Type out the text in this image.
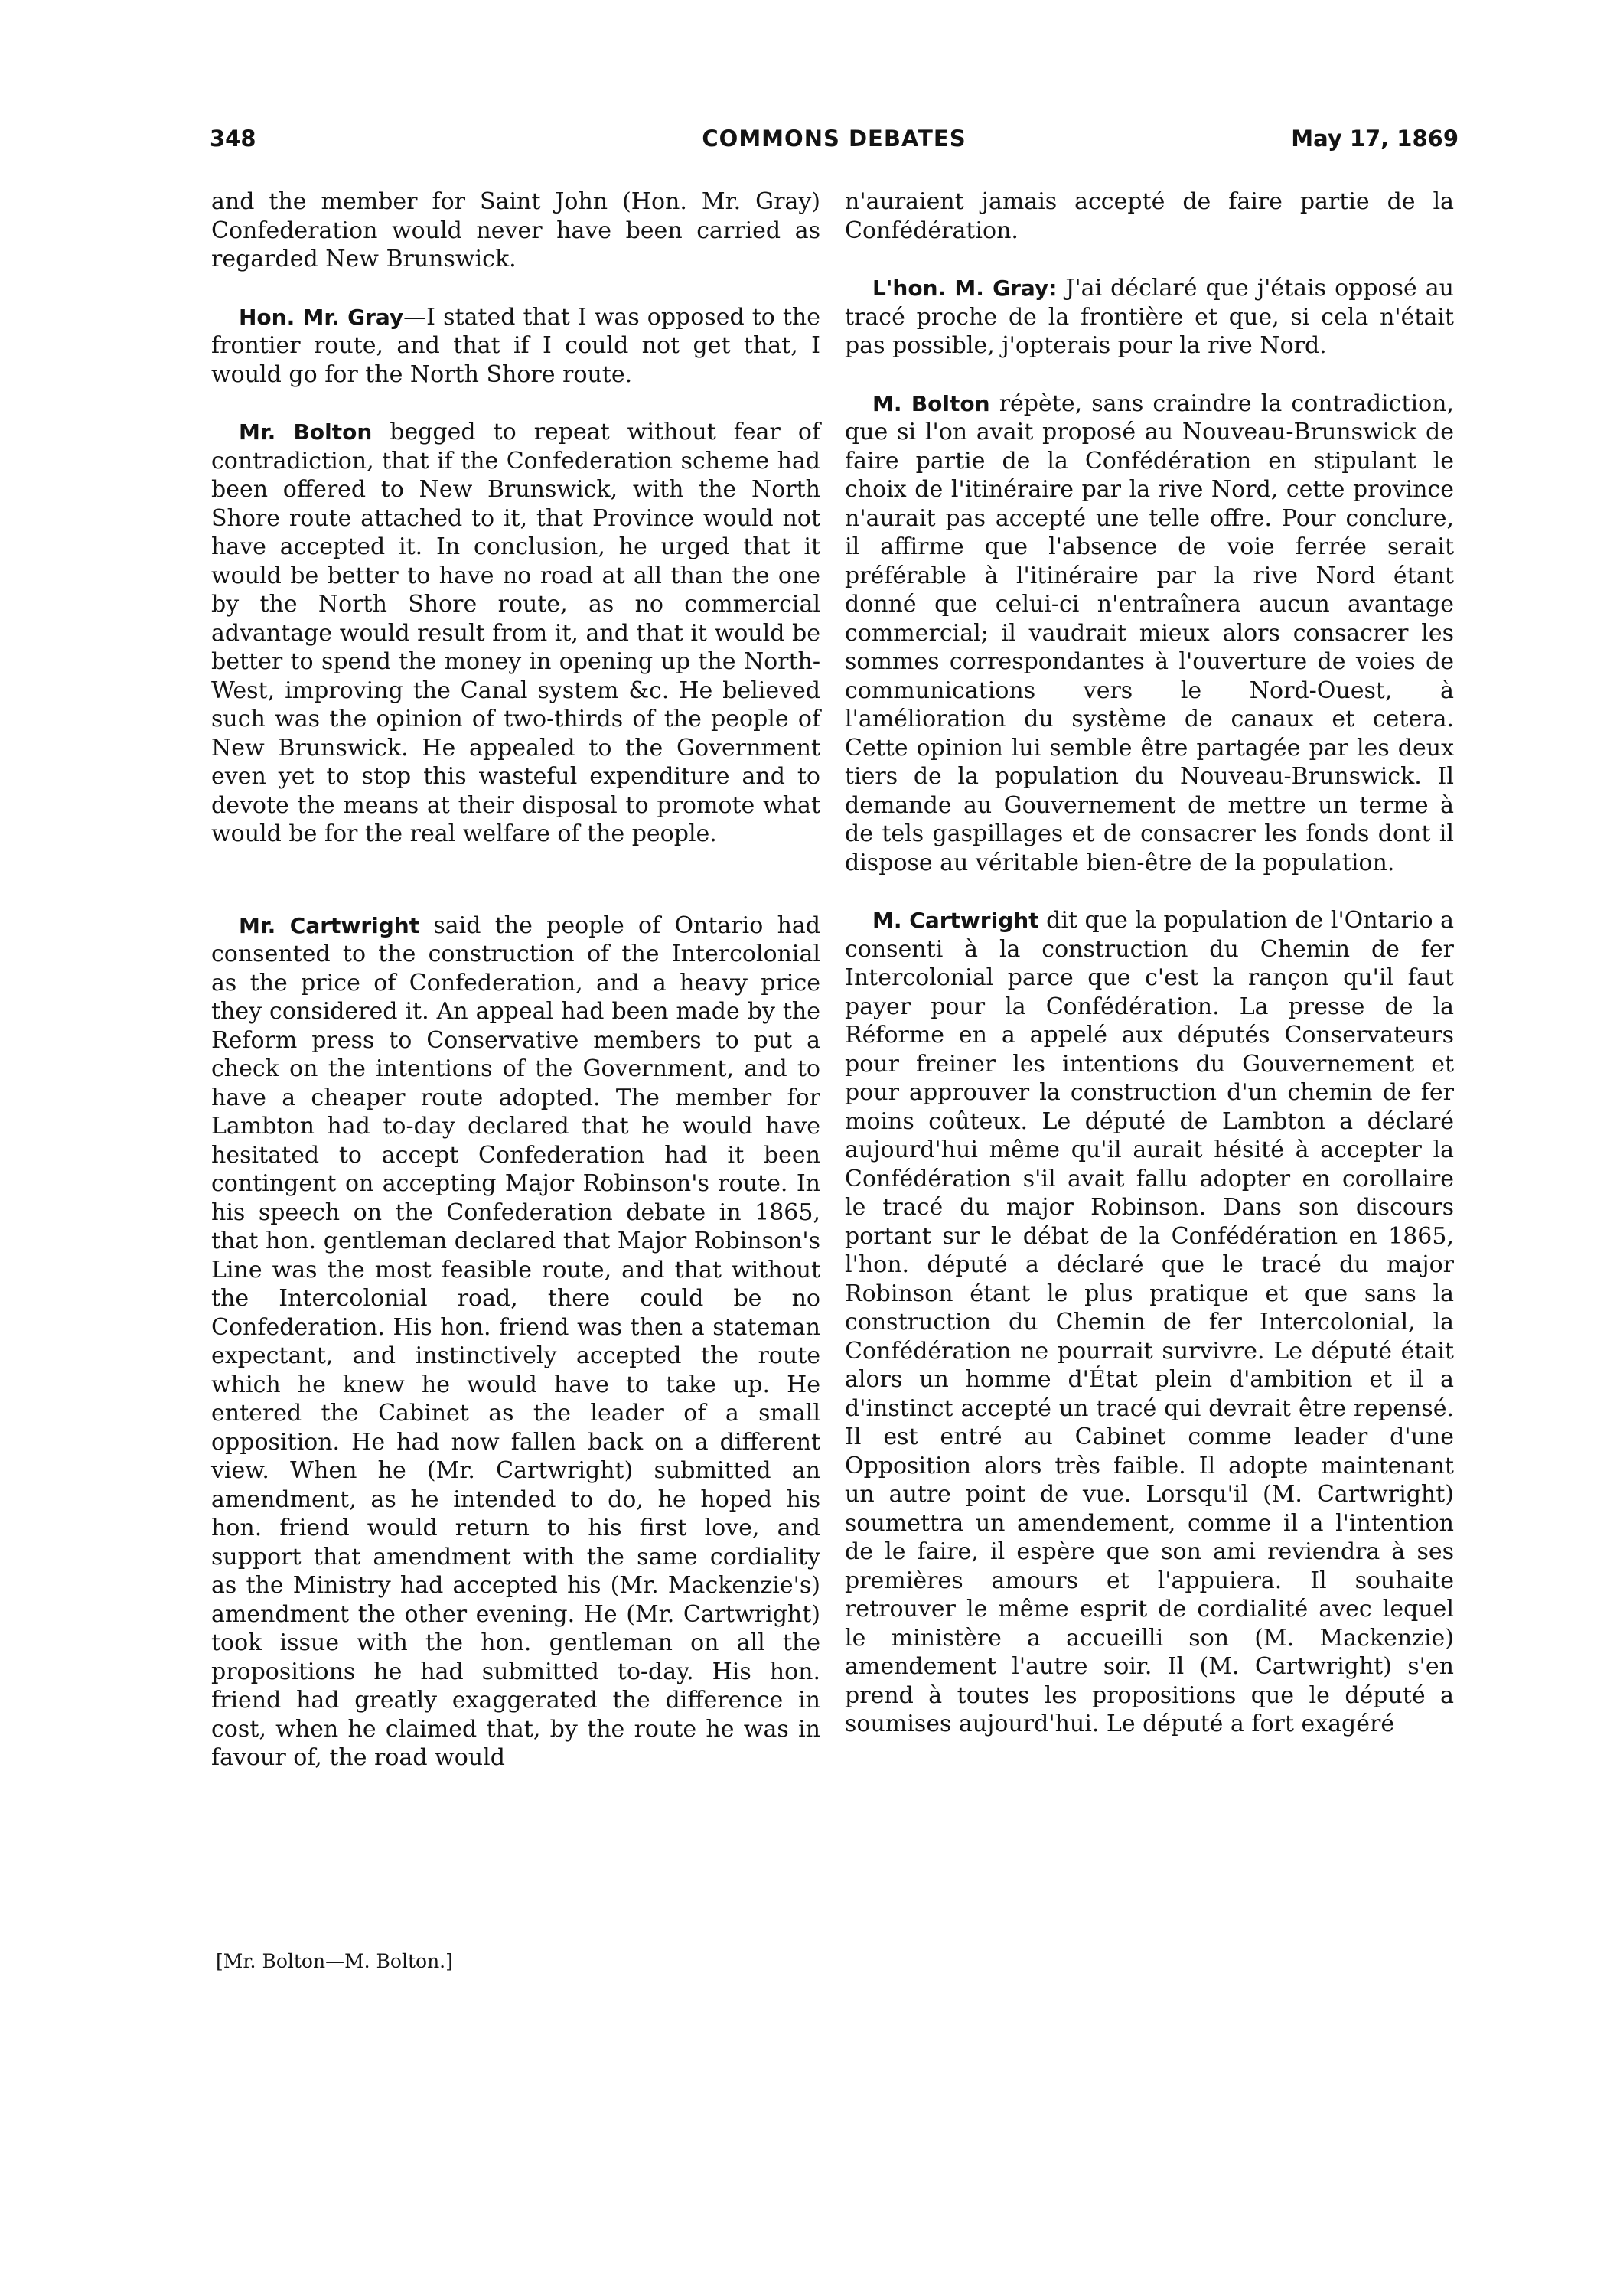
348	COMMONS DEBATES	May 17, 1869

and the member for Saint John (Hon. Mr. Gray) Confederation would never have been carried as regarded New Brunswick.

Hon. Mr. Gray—I stated that I was opposed to the frontier route, and that if I could not get that, I would go for the North Shore route.

Mr. Bolton begged to repeat without fear of contradiction, that if the Confederation scheme had been offered to New Brunswick, with the North Shore route attached to it, that Province would not have accepted it. In conclusion, he urged that it would be better to have no road at all than the one by the North Shore route, as no commercial advantage would result from it, and that it would be better to spend the money in opening up the North-West, improving the Canal system &c. He believed such was the opinion of two-thirds of the people of New Brunswick. He appealed to the Government even yet to stop this wasteful expenditure and to devote the means at their disposal to promote what would be for the real welfare of the people.

Mr. Cartwright said the people of Ontario had consented to the construction of the Intercolonial as the price of Confederation, and a heavy price they considered it. An appeal had been made by the Reform press to Conservative members to put a check on the intentions of the Government, and to have a cheaper route adopted. The member for Lambton had to-day declared that he would have hesitated to accept Confederation had it been contingent on accepting Major Robinson's route. In his speech on the Confederation debate in 1865, that hon. gentleman declared that Major Robinson's Line was the most feasible route, and that without the Intercolonial road, there could be no Confederation. His hon. friend was then a stateman expectant, and instinctively accepted the route which he knew he would have to take up. He entered the Cabinet as the leader of a small opposition. He had now fallen back on a different view. When he (Mr. Cartwright) submitted an amendment, as he intended to do, he hoped his hon. friend would return to his first love, and support that amendment with the same cordiality as the Ministry had accepted his (Mr. Mackenzie's) amendment the other evening. He (Mr. Cartwright) took issue with the hon. gentleman on all the propositions he had submitted to-day. His hon. friend had greatly exaggerated the difference in cost, when he claimed that, by the route he was in favour of, the road would

n'auraient jamais accepté de faire partie de la Confédération.

L'hon. M. Gray: J'ai déclaré que j'étais opposé au tracé proche de la frontière et que, si cela n'était pas possible, j'opterais pour la rive Nord.

M. Bolton répète, sans craindre la contradiction, que si l'on avait proposé au Nouveau-Brunswick de faire partie de la Confédération en stipulant le choix de l'itinéraire par la rive Nord, cette province n'aurait pas accepté une telle offre. Pour conclure, il affirme que l'absence de voie ferrée serait préférable à l'itinéraire par la rive Nord étant donné que celui-ci n'entraînera aucun avantage commercial; il vaudrait mieux alors consacrer les sommes correspondantes à l'ouverture de voies de communications vers le Nord-Ouest, à l'amélioration du système de canaux et cetera. Cette opinion lui semble être partagée par les deux tiers de la population du Nouveau-Brunswick. Il demande au Gouvernement de mettre un terme à de tels gaspillages et de consacrer les fonds dont il dispose au véritable bien-être de la population.

M. Cartwright dit que la population de l'Ontario a consenti à la construction du Chemin de fer Intercolonial parce que c'est la rançon qu'il faut payer pour la Confédération. La presse de la Réforme en a appelé aux députés Conservateurs pour freiner les intentions du Gouvernement et pour approuver la construction d'un chemin de fer moins coûteux. Le député de Lambton a déclaré aujourd'hui même qu'il aurait hésité à accepter la Confédération s'il avait fallu adopter en corollaire le tracé du major Robinson. Dans son discours portant sur le débat de la Confédération en 1865, l'hon. député a déclaré que le tracé du major Robinson étant le plus pratique et que sans la construction du Chemin de fer Intercolonial, la Confédération ne pourrait survivre. Le député était alors un homme d'État plein d'ambition et il a d'instinct accepté un tracé qui devrait être repensé. Il est entré au Cabinet comme leader d'une Opposition alors très faible. Il adopte maintenant un autre point de vue. Lorsqu'il (M. Cartwright) soumettra un amendement, comme il a l'intention de le faire, il espère que son ami reviendra à ses premières amours et l'appuiera. Il souhaite retrouver le même esprit de cordialité avec lequel le ministère a accueilli son (M. Mackenzie) amendement l'autre soir. Il (M. Cartwright) s'en prend à toutes les propositions que le député a soumises aujourd'hui. Le député a fort exagéré

[Mr. Bolton—M. Bolton.]
